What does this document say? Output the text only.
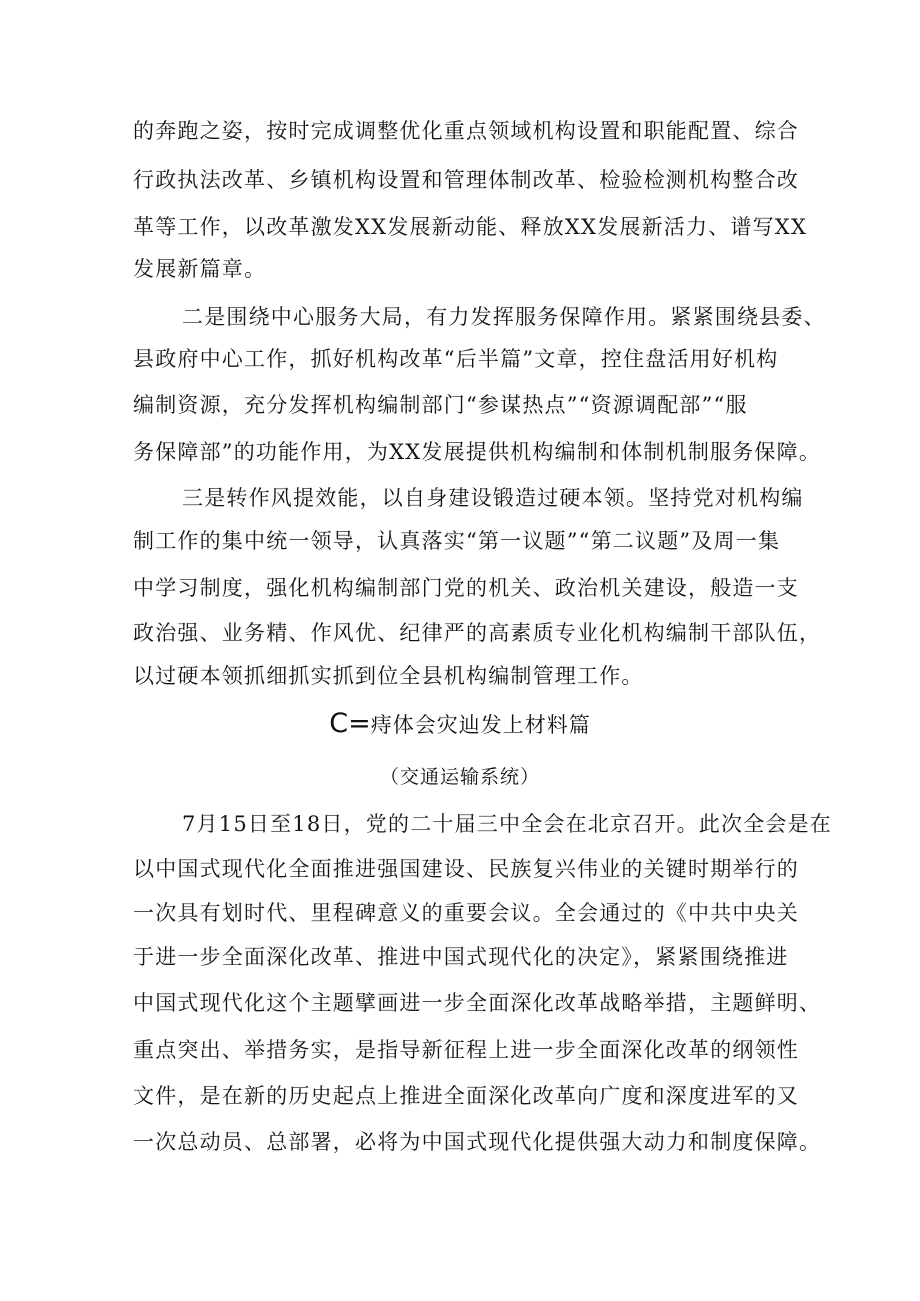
的奔跑之姿，按时完成调整优化重点领域机构设置和职能配置、综合
行政执法改革、乡镇机构设置和管理体制改革、检验检测机构整合改
革等工作，以改革激发XX发展新动能、释放XX发展新活力、谱写XX
发展新篇章。
二是围绕中心服务大局，有力发挥服务保障作用。紧紧围绕县委、
县政府中心工作，抓好机构改革“后半篇”文章，控住盘活用好机构
编制资源，充分发挥机构编制部门“参谋热点”“资源调配部”“服
务保障部”的功能作用，为XX发展提供机构编制和体制机制服务保障。
三是转作风提效能，以自身建设锻造过硬本领。坚持党对机构编
制工作的集中统一领导，认真落实“第一议题”“第二议题”及周一集
中学习制度，强化机构编制部门党的机关、政治机关建设，般造一支
政治强、业务精、作风优、纪律严的高素质专业化机构编制干部队伍，
以过硬本领抓细抓实抓到位全县机构编制管理工作。
C=痔体会灾辿发上材料篇
（交通运输系统）
7月15日至18日，党的二十届三中全会在北京召开。此次全会是在
以中国式现代化全面推进强国建设、民族复兴伟业的关键时期举行的
一次具有划时代、里程碑意义的重要会议。全会通过的《中共中央关
于进一步全面深化改革、推进中国式现代化的决定》，紧紧围绕推进
中国式现代化这个主题擘画进一步全面深化改革战略举措，主题鲜明、
重点突出、举措务实，是指导新征程上进一步全面深化改革的纲领性
文件，是在新的历史起点上推进全面深化改革向广度和深度进军的又
一次总动员、总部署，必将为中国式现代化提供强大动力和制度保障。
